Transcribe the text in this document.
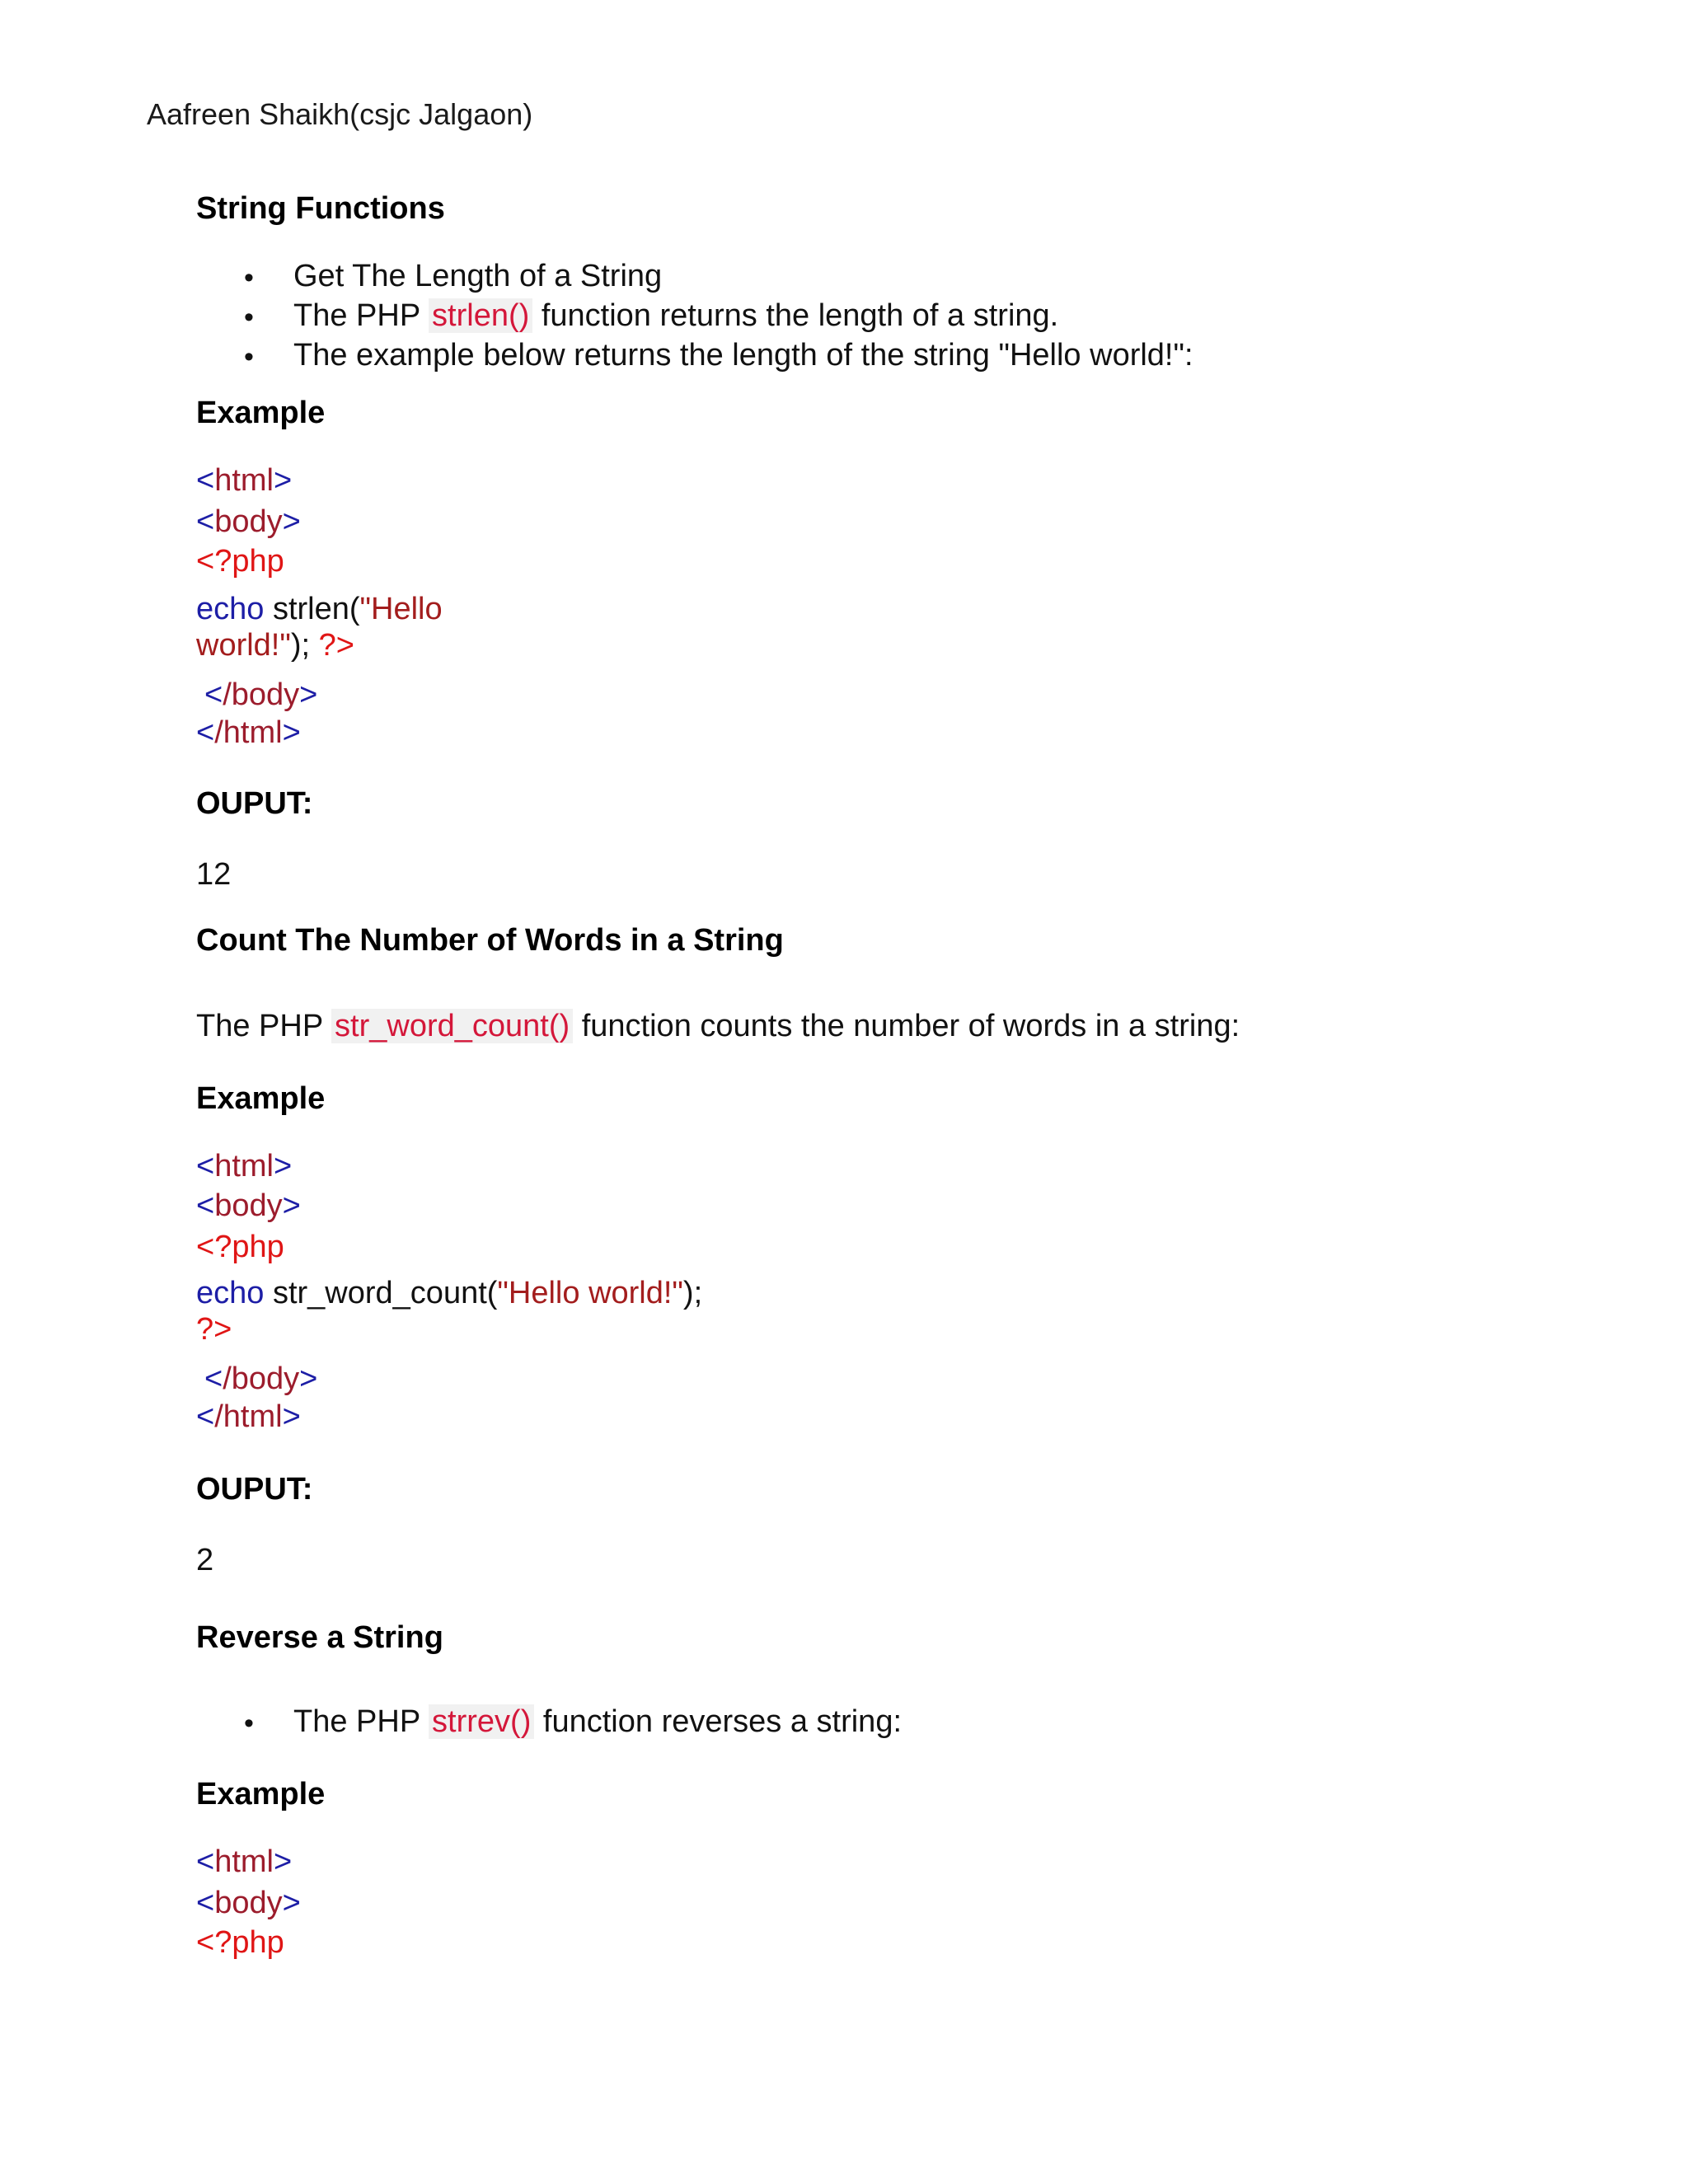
Aafreen Shaikh(csjc Jalgaon)
String Functions
• Get The Length of a String
• The PHP strlen() function returns the length of a string.
• The example below returns the length of the string "Hello world!":
Example
<html>
<body>
<?php
echo strlen("Hello
world!"); ?>
</body>
</html>
OUPUT:
12
Count The Number of Words in a String
The PHP str_word_count() function counts the number of words in a string:
Example
<html>
<body>
<?php
echo str_word_count("Hello world!");
?>
</body>
</html>
OUPUT:
2
Reverse a String
• The PHP strrev() function reverses a string:
Example
<html>
<body>
<?php
